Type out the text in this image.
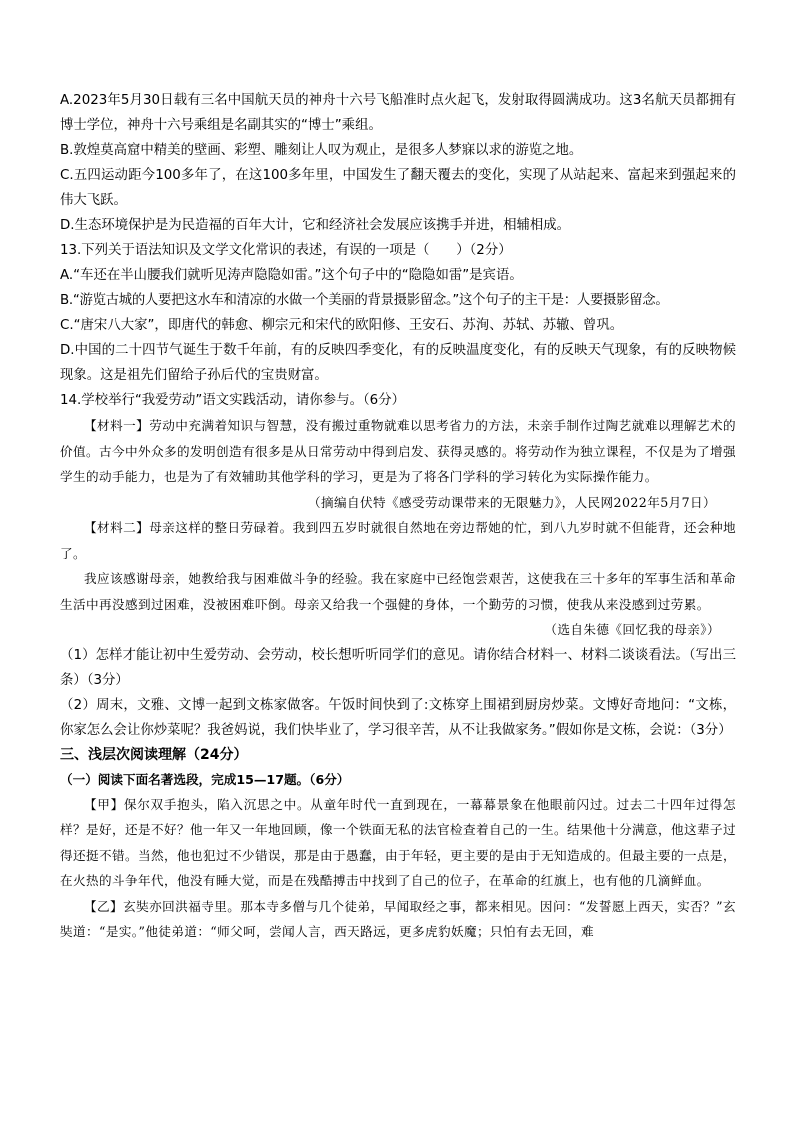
A.2023年5月30日载有三名中国航天员的神舟十六号飞船准时点火起飞，发射取得圆满成功。这3名航天员都拥有博士学位，神舟十六号乘组是名副其实的“博士”乘组。

B.敦煌莫高窟中精美的壁画、彩塑、雕刻让人叹为观止，是很多人梦寐以求的游览之地。

C.五四运动距今100多年了，在这100多年里，中国发生了翻天覆去的变化，实现了从站起来、富起来到强起来的伟大飞跃。

D.生态环境保护是为民造福的百年大计，它和经济社会发展应该携手并进，相辅相成。

13.下列关于语法知识及文学文化常识的表述，有误的一项是（　　）（2分）

A.“车还在半山腰我们就听见涛声隐隐如雷。”这个句子中的“隐隐如雷”是宾语。

B.“游览古城的人要把这水车和清凉的水做一个美丽的背景摄影留念。”这个句子的主干是：人要摄影留念。

C.“唐宋八大家”，即唐代的韩愈、柳宗元和宋代的欧阳修、王安石、苏洵、苏轼、苏辙、曾巩。

D.中国的二十四节气诞生于数千年前，有的反映四季变化，有的反映温度变化，有的反映天气现象，有的反映物候现象。这是祖先们留给子孙后代的宝贵财富。

14.学校举行“我爱劳动”语文实践活动，请你参与。（6分）

【材料一】劳动中充满着知识与智慧，没有搬过重物就难以思考省力的方法，未亲手制作过陶艺就难以理解艺术的价值。古今中外众多的发明创造有很多是从日常劳动中得到启发、获得灵感的。将劳动作为独立课程，不仅是为了增强学生的动手能力，也是为了有效辅助其他学科的学习，更是为了将各门学科的学习转化为实际操作能力。

（摘编自伏特《感受劳动课带来的无限魅力》，人民网2022年5月7日）

【材料二】母亲这样的整日劳碌着。我到四五岁时就很自然地在旁边帮她的忙，到八九岁时就不但能背，还会种地了。

我应该感谢母亲，她教给我与困难做斗争的经验。我在家庭中已经饱尝艰苦，这使我在三十多年的军事生活和革命生活中再没感到过困难，没被困难吓倒。母亲又给我一个强健的身体，一个勤劳的习惯，使我从来没感到过劳累。

（选自朱德《回忆我的母亲》）

（1）怎样才能让初中生爱劳动、会劳动，校长想听听同学们的意见。请你结合材料一、材料二谈谈看法。（写出三条）（3分）

（2）周末，文雅、文博一起到文栋家做客。午饭时间快到了:文栋穿上围裙到厨房炒菜。文博好奇地问：“文栋，你家怎么会让你炒菜呢？我爸妈说，我们快毕业了，学习很辛苦，从不让我做家务。”假如你是文栋，会说：（3分）

三、浅层次阅读理解（24分）

（一）阅读下面名著选段，完成15—17题。（6分）

【甲】保尔双手抱头，陷入沉思之中。从童年时代一直到现在，一幕幕景象在他眼前闪过。过去二十四年过得怎样？是好，还是不好？他一年又一年地回顾，像一个铁面无私的法官检查着自己的一生。结果他十分满意，他这辈子过得还挺不错。当然，他也犯过不少错误，那是由于愚蠢，由于年轻，更主要的是由于无知造成的。但最主要的一点是，在火热的斗争年代，他没有睡大觉，而是在残酷搏击中找到了自己的位子，在革命的红旗上，也有他的几滴鲜血。

【乙】玄奘亦回洪福寺里。那本寺多僧与几个徒弟，早闻取经之事，都来相见。因问：“发誓愿上西天，实否？”玄奘道：“是实。”他徒弟道：“师父呵，尝闻人言，西天路远，更多虎豹妖魔；只怕有去无回，难
